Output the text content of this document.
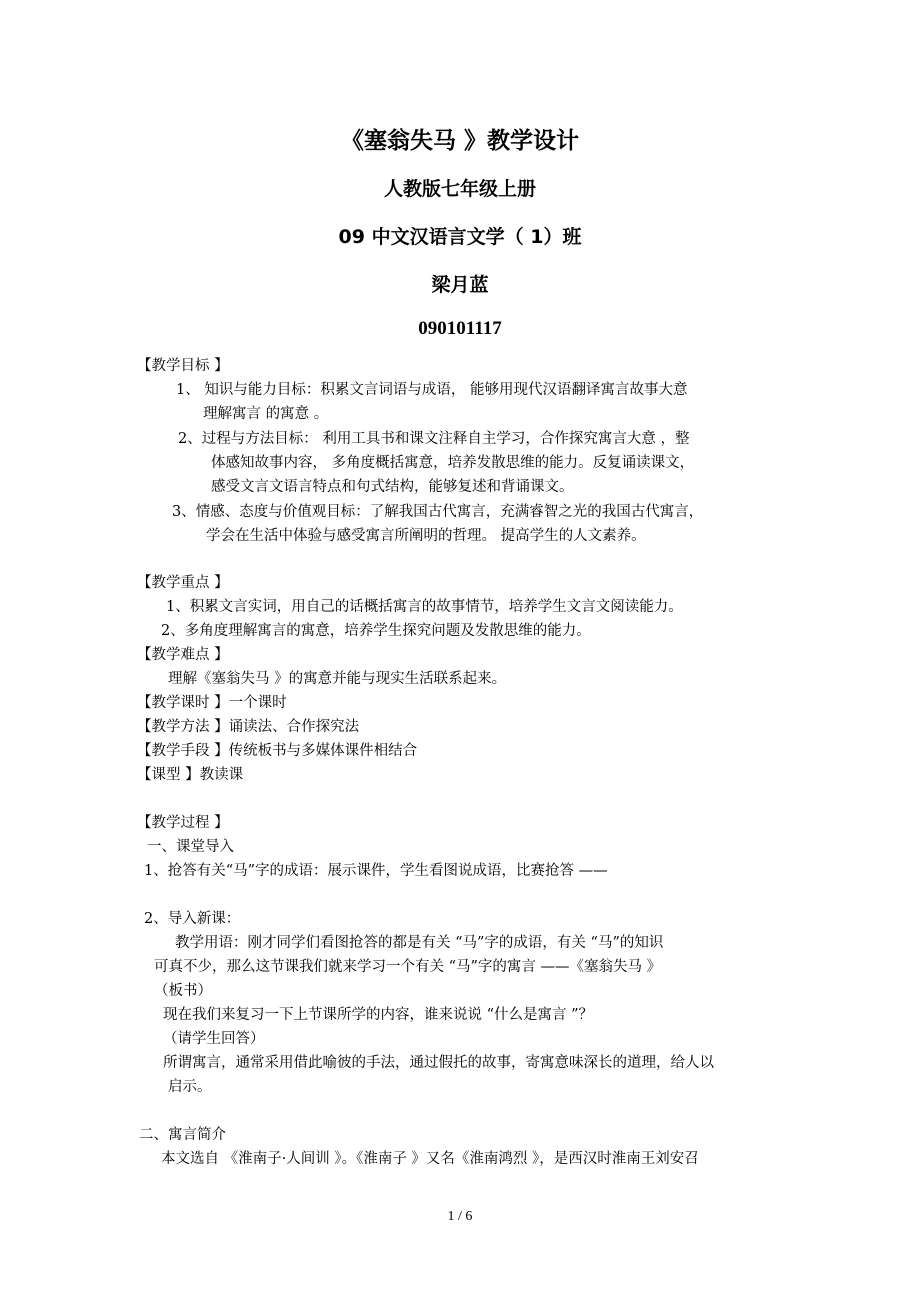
《塞翁失马 》教学设计
人教版七年级上册
09 中文汉语言文学（ 1）班
梁月蓝
090101117
【教学目标 】
1、 知识与能力目标：积累文言词语与成语， 能够用现代汉语翻译寓言故事大意
理解寓言 的寓意 。
2、过程与方法目标： 利用工具书和课文注释自主学习，合作探究寓言大意 ，整
体感知故事内容， 多角度概括寓意，培养发散思维的能力。反复诵读课文，
感受文言文语言特点和句式结构，能够复述和背诵课文。
3、情感、态度与价值观目标：了解我国古代寓言，充满睿智之光的我国古代寓言，
学会在生活中体验与感受寓言所阐明的哲理。 提高学生的人文素养。
【教学重点 】
1、积累文言实词，用自己的话概括寓言的故事情节，培养学生文言文阅读能力。
2、多角度理解寓言的寓意，培养学生探究问题及发散思维的能力。
【教学难点 】
理解《塞翁失马 》的寓意并能与现实生活联系起来。
【教学课时 】一个课时
【教学方法 】诵读法、合作探究法
【教学手段 】传统板书与多媒体课件相结合
【课型 】教读课
【教学过程 】
一、课堂导入
1、抢答有关“马”字的成语：展示课件，学生看图说成语，比赛抢答 ——
2、导入新课：
教学用语：刚才同学们看图抢答的都是有关 “马”字的成语，有关 “马”的知识
可真不少，那么这节课我们就来学习一个有关 “马”字的寓言 ——《塞翁失马 》
（板书）
现在我们来复习一下上节课所学的内容，谁来说说 “什么是寓言 ”？
（请学生回答）
所谓寓言，通常采用借此喻彼的手法，通过假托的故事，寄寓意味深长的道理，给人以
启示。
二、寓言简介
本文选自 《淮南子·人间训 》。《淮南子 》又名《淮南鸿烈 》，是西汉时淮南王刘安召
1 / 6
